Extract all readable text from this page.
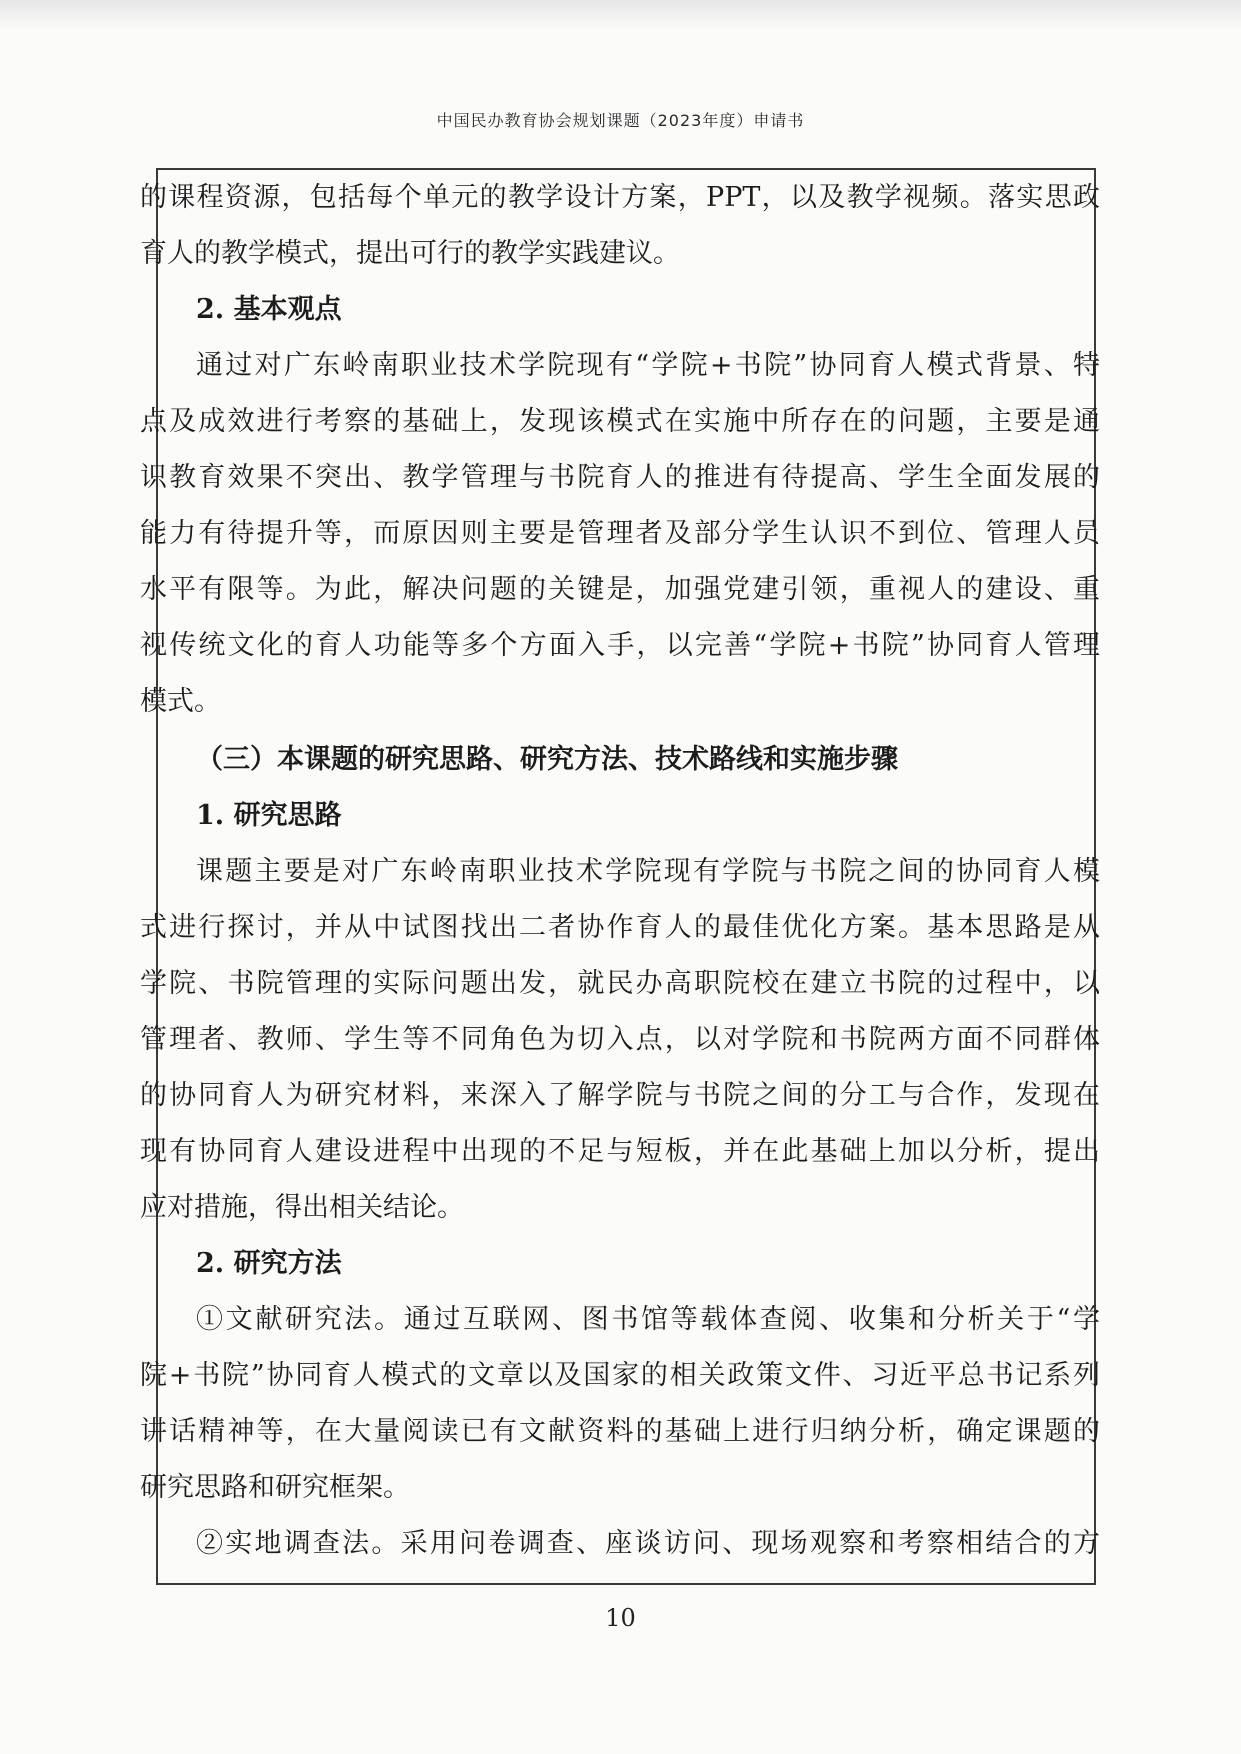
中国民办教育协会规划课题（2023年度）申请书
的课程资源，包括每个单元的教学设计方案，PPT，以及教学视频。落实思政
育人的教学模式，提出可行的教学实践建议。
2. 基本观点
通过对广东岭南职业技术学院现有“学院+书院”协同育人模式背景、特
点及成效进行考察的基础上，发现该模式在实施中所存在的问题，主要是通
识教育效果不突出、教学管理与书院育人的推进有待提高、学生全面发展的
能力有待提升等，而原因则主要是管理者及部分学生认识不到位、管理人员
水平有限等。为此，解决问题的关键是，加强党建引领，重视人的建设、重
视传统文化的育人功能等多个方面入手，以完善“学院+书院”协同育人管理
模式。
（三）本课题的研究思路、研究方法、技术路线和实施步骤
1. 研究思路
课题主要是对广东岭南职业技术学院现有学院与书院之间的协同育人模
式进行探讨，并从中试图找出二者协作育人的最佳优化方案。基本思路是从
学院、书院管理的实际问题出发，就民办高职院校在建立书院的过程中，以
管理者、教师、学生等不同角色为切入点，以对学院和书院两方面不同群体
的协同育人为研究材料，来深入了解学院与书院之间的分工与合作，发现在
现有协同育人建设进程中出现的不足与短板，并在此基础上加以分析，提出
应对措施，得出相关结论。
2. 研究方法
①文献研究法。通过互联网、图书馆等载体查阅、收集和分析关于“学
院+书院”协同育人模式的文章以及国家的相关政策文件、习近平总书记系列
讲话精神等，在大量阅读已有文献资料的基础上进行归纳分析，确定课题的
研究思路和研究框架。
②实地调查法。采用问卷调查、座谈访问、现场观察和考察相结合的方
10
